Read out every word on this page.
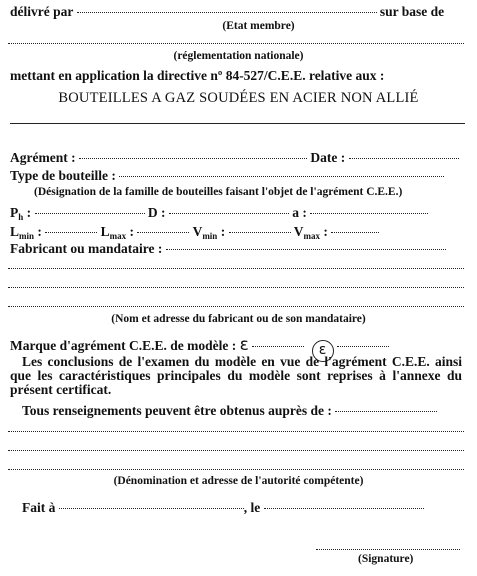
délivré par	sur base de
(Etat membre)
(réglementation nationale)
mettant en application la directive nº 84-527/C.E.E. relative aux :
BOUTEILLES A GAZ SOUDÉES EN ACIER NON ALLIÉ
Agrément :	Date :
Type de bouteille :
(Désignation de la famille de bouteilles faisant l'objet de l'agrément C.E.E.)
$P_h$ :	D :	a :
$L_{min}$ :	$L_{max}$ :	$V_{min}$ :	$V_{max}$ :
Fabricant ou mandataire :
(Nom et adresse du fabricant ou de son mandataire)
Marque d'agrément C.E.E. de modèle : ɛ	ɛ
Les conclusions de l'examen du modèle en vue de l'agrément C.E.E. ainsi que les caractéristiques principales du modèle sont reprises à l'annexe du présent certificat.
Tous renseignements peuvent être obtenus auprès de :
(Dénomination et adresse de l'autorité compétente)
Fait à	, le
(Signature)
